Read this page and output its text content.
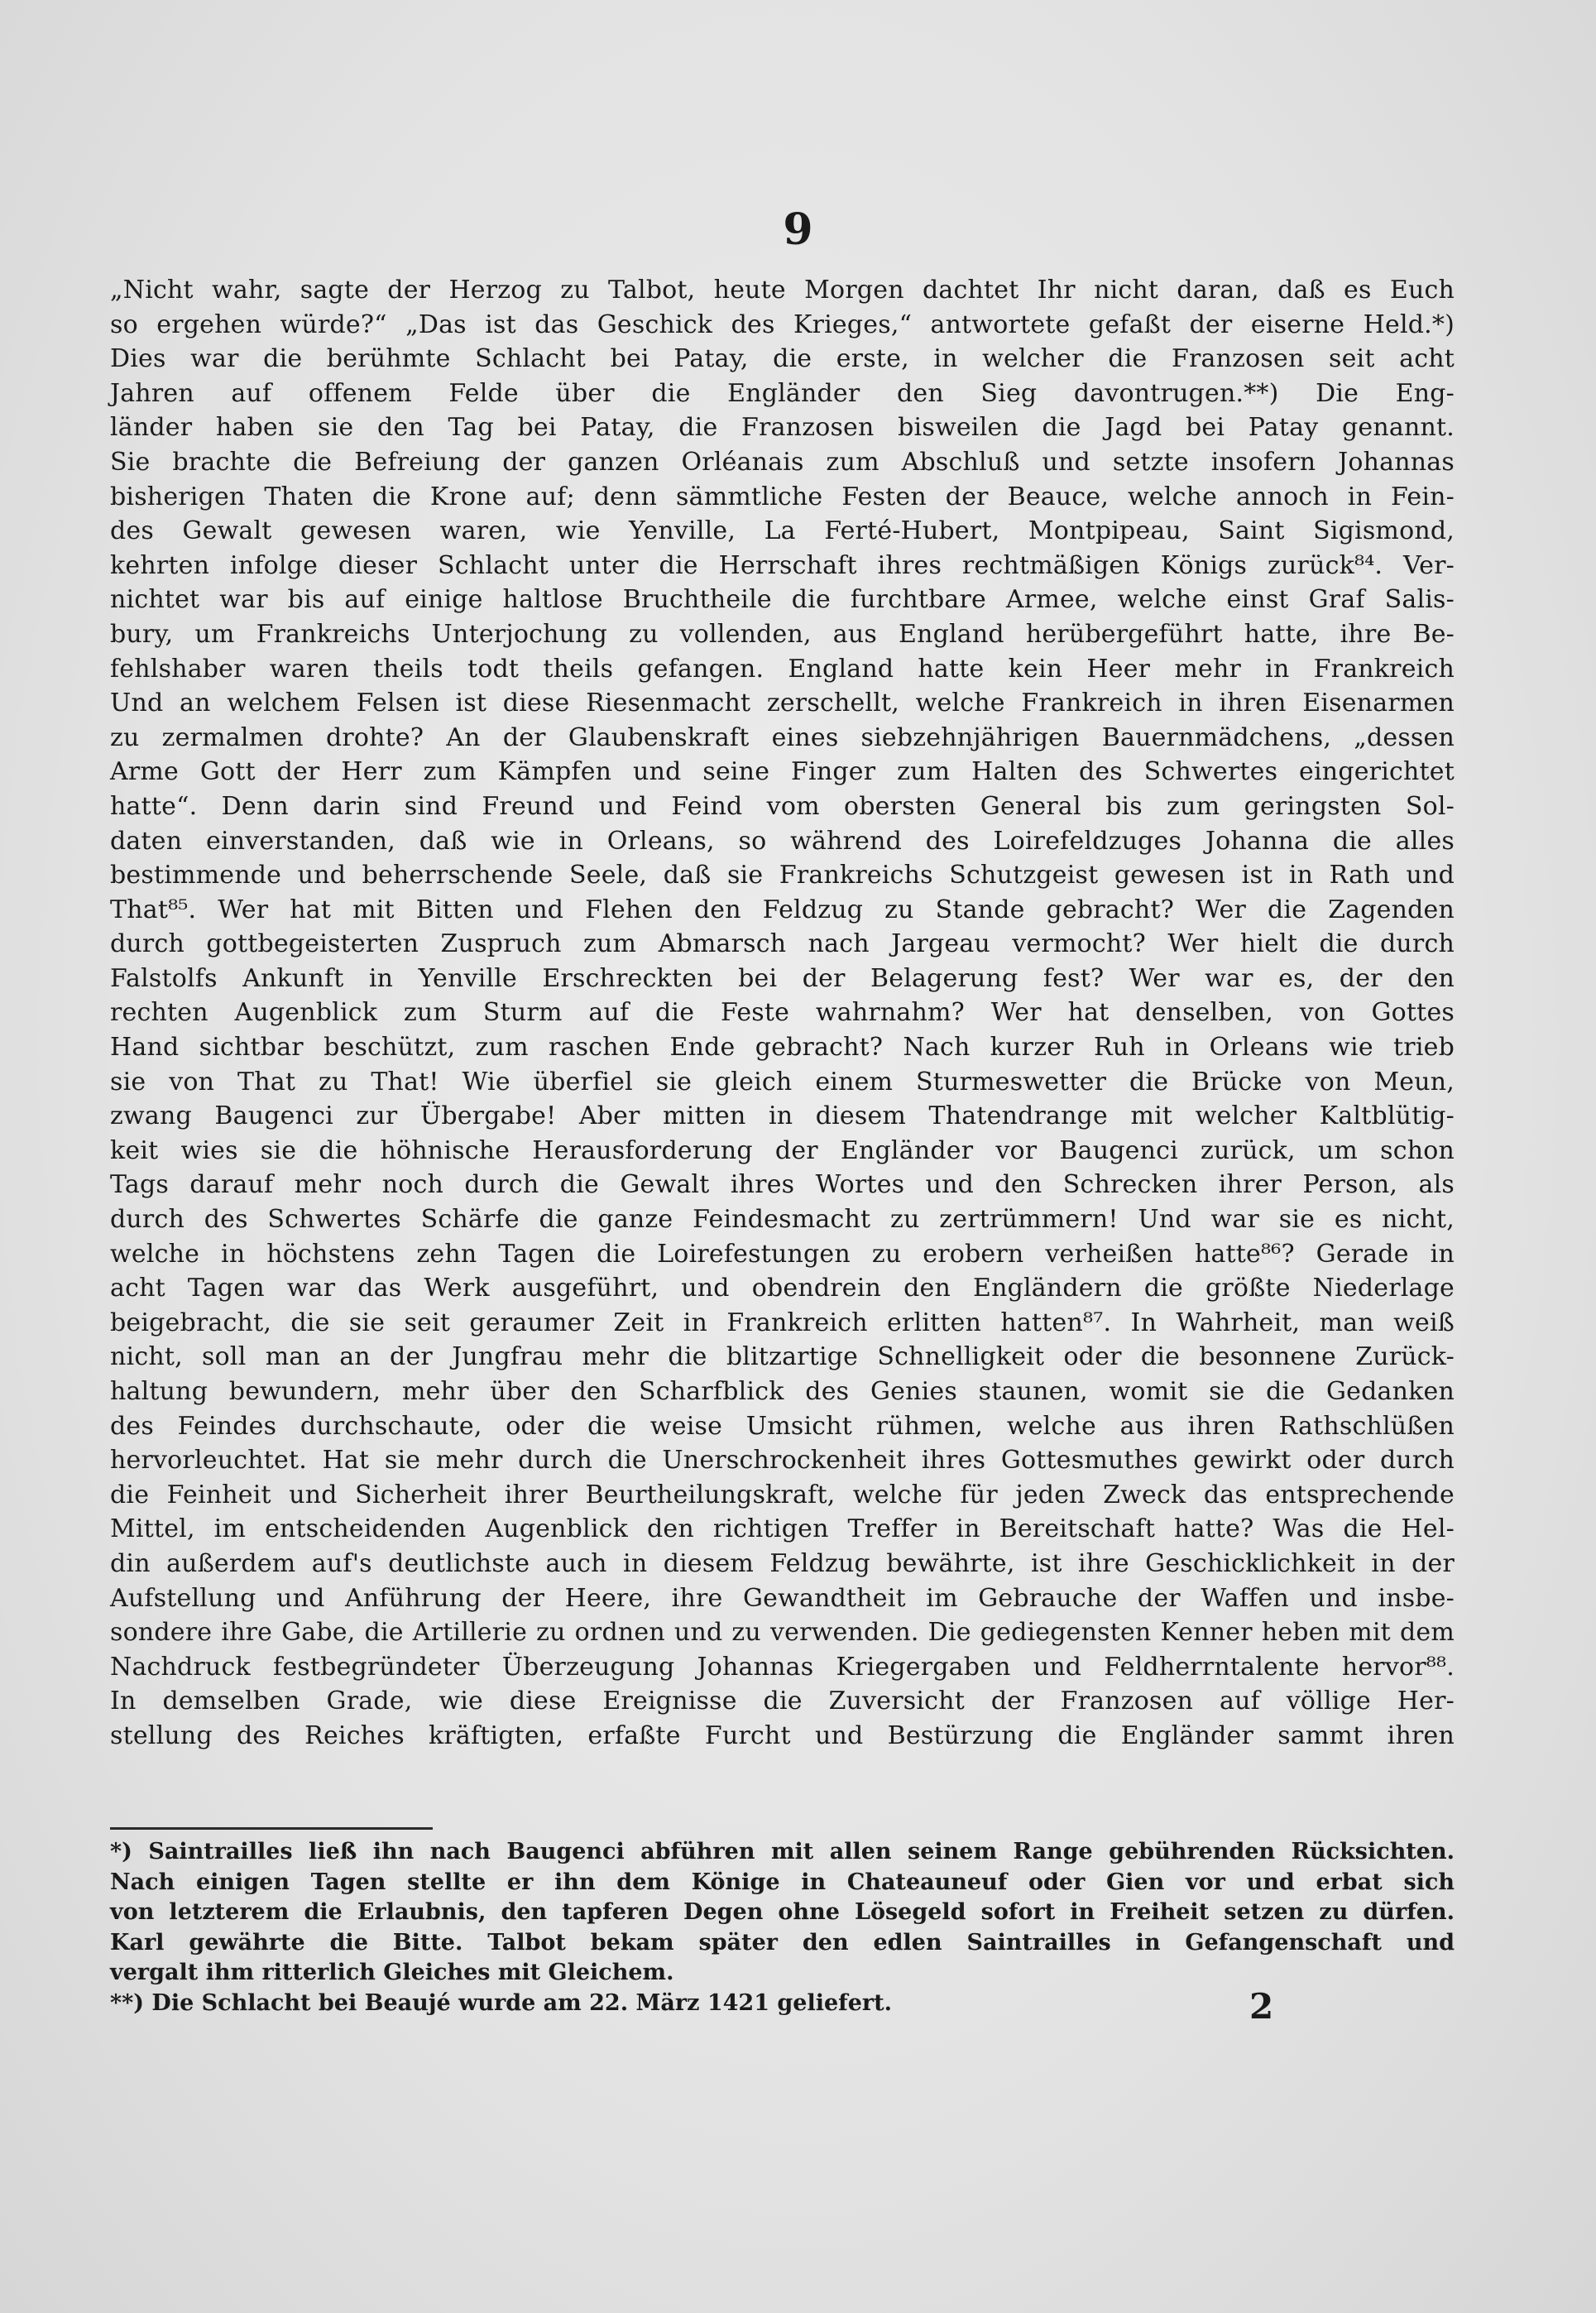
9
„Nicht wahr, sagte der Herzog zu Talbot, heute Morgen dachtet Ihr nicht daran, daß es Euch
so ergehen würde?“ „Das ist das Geschick des Krieges,“ antwortete gefaßt der eiserne Held.*)
Dies war die berühmte Schlacht bei Patay, die erste, in welcher die Franzosen seit acht
Jahren auf offenem Felde über die Engländer den Sieg davontrugen.**) Die Eng-
länder haben sie den Tag bei Patay, die Franzosen bisweilen die Jagd bei Patay genannt.
Sie brachte die Befreiung der ganzen Orléanais zum Abschluß und setzte insofern Johannas
bisherigen Thaten die Krone auf; denn sämmtliche Festen der Beauce, welche annoch in Fein-
des Gewalt gewesen waren, wie Yenville, La Ferté-Hubert, Montpipeau, Saint Sigismond,
kehrten infolge dieser Schlacht unter die Herrschaft ihres rechtmäßigen Königs zurück⁸⁴. Ver-
nichtet war bis auf einige haltlose Bruchtheile die furchtbare Armee, welche einst Graf Salis-
bury, um Frankreichs Unterjochung zu vollenden, aus England herübergeführt hatte, ihre Be-
fehlshaber waren theils todt theils gefangen. England hatte kein Heer mehr in Frankreich
Und an welchem Felsen ist diese Riesenmacht zerschellt, welche Frankreich in ihren Eisenarmen
zu zermalmen drohte? An der Glaubenskraft eines siebzehnjährigen Bauernmädchens, „dessen
Arme Gott der Herr zum Kämpfen und seine Finger zum Halten des Schwertes eingerichtet
hatte“. Denn darin sind Freund und Feind vom obersten General bis zum geringsten Sol-
daten einverstanden, daß wie in Orleans, so während des Loirefeldzuges Johanna die alles
bestimmende und beherrschende Seele, daß sie Frankreichs Schutzgeist gewesen ist in Rath und
That⁸⁵. Wer hat mit Bitten und Flehen den Feldzug zu Stande gebracht? Wer die Zagenden
durch gottbegeisterten Zuspruch zum Abmarsch nach Jargeau vermocht? Wer hielt die durch
Falstolfs Ankunft in Yenville Erschreckten bei der Belagerung fest? Wer war es, der den
rechten Augenblick zum Sturm auf die Feste wahrnahm? Wer hat denselben, von Gottes
Hand sichtbar beschützt, zum raschen Ende gebracht? Nach kurzer Ruh in Orleans wie trieb
sie von That zu That! Wie überfiel sie gleich einem Sturmeswetter die Brücke von Meun,
zwang Baugenci zur Übergabe! Aber mitten in diesem Thatendrange mit welcher Kaltblütig-
keit wies sie die höhnische Herausforderung der Engländer vor Baugenci zurück, um schon
Tags darauf mehr noch durch die Gewalt ihres Wortes und den Schrecken ihrer Person, als
durch des Schwertes Schärfe die ganze Feindesmacht zu zertrümmern! Und war sie es nicht,
welche in höchstens zehn Tagen die Loirefestungen zu erobern verheißen hatte⁸⁶? Gerade in
acht Tagen war das Werk ausgeführt, und obendrein den Engländern die größte Niederlage
beigebracht, die sie seit geraumer Zeit in Frankreich erlitten hatten⁸⁷. In Wahrheit, man weiß
nicht, soll man an der Jungfrau mehr die blitzartige Schnelligkeit oder die besonnene Zurück-
haltung bewundern, mehr über den Scharfblick des Genies staunen, womit sie die Gedanken
des Feindes durchschaute, oder die weise Umsicht rühmen, welche aus ihren Rathschlüßen
hervorleuchtet. Hat sie mehr durch die Unerschrockenheit ihres Gottesmuthes gewirkt oder durch
die Feinheit und Sicherheit ihrer Beurtheilungskraft, welche für jeden Zweck das entsprechende
Mittel, im entscheidenden Augenblick den richtigen Treffer in Bereitschaft hatte? Was die Hel-
din außerdem auf's deutlichste auch in diesem Feldzug bewährte, ist ihre Geschicklichkeit in der
Aufstellung und Anführung der Heere, ihre Gewandtheit im Gebrauche der Waffen und insbe-
sondere ihre Gabe, die Artillerie zu ordnen und zu verwenden. Die gediegensten Kenner heben mit dem
Nachdruck festbegründeter Überzeugung Johannas Kriegergaben und Feldherrntalente hervor⁸⁸.
In demselben Grade, wie diese Ereignisse die Zuversicht der Franzosen auf völlige Her-
stellung des Reiches kräftigten, erfaßte Furcht und Bestürzung die Engländer sammt ihren
*) Saintrailles ließ ihn nach Baugenci abführen mit allen seinem Range gebührenden Rücksichten.
Nach einigen Tagen stellte er ihn dem Könige in Chateauneuf oder Gien vor und erbat sich
von letzterem die Erlaubnis, den tapferen Degen ohne Lösegeld sofort in Freiheit setzen zu dürfen.
Karl gewährte die Bitte. Talbot bekam später den edlen Saintrailles in Gefangenschaft und
vergalt ihm ritterlich Gleiches mit Gleichem.
**) Die Schlacht bei Beaujé wurde am 22. März 1421 geliefert.	2
